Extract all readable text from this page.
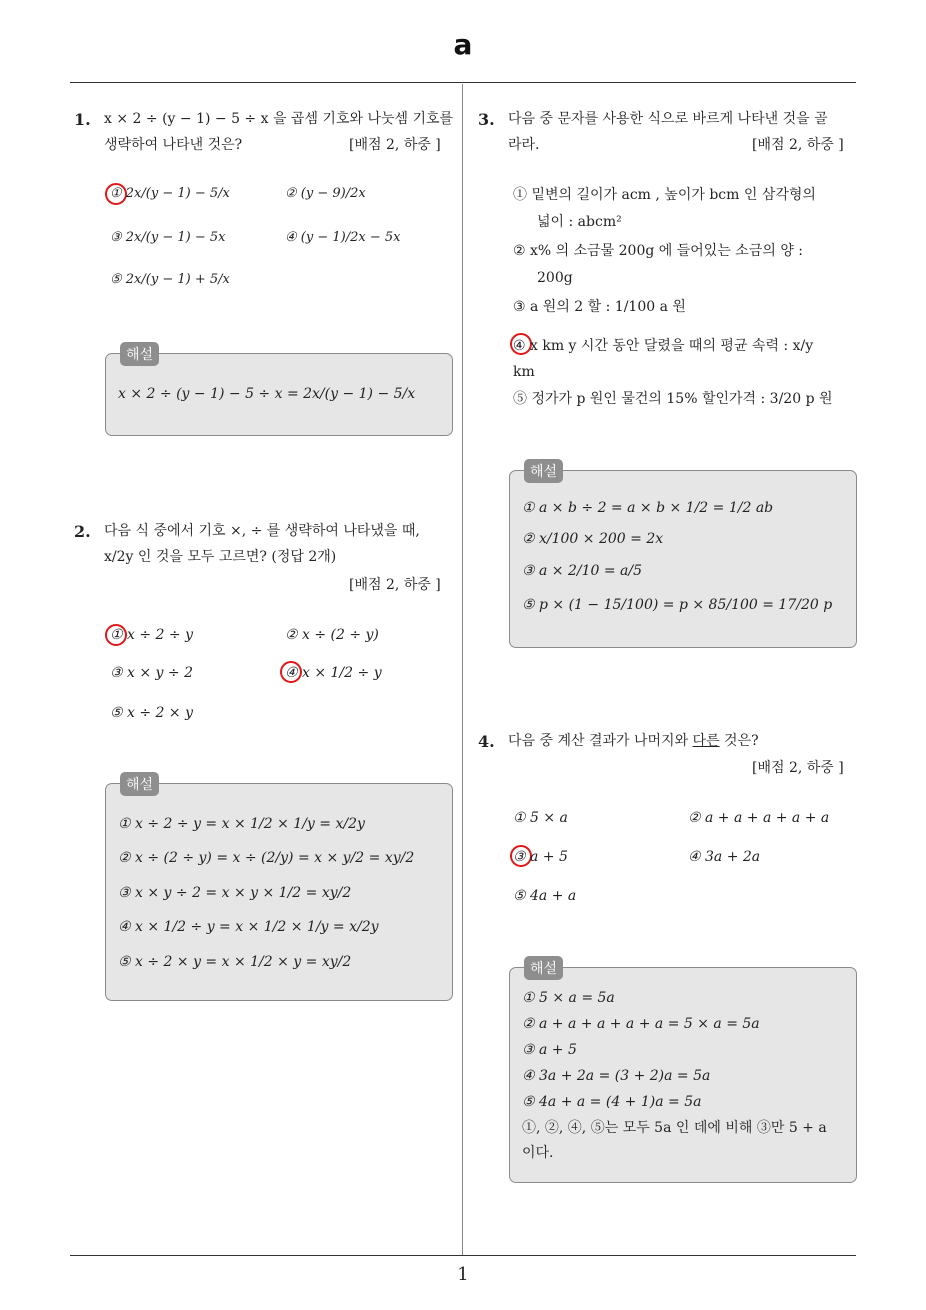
a
1
1. x × 2 ÷ (y − 1) − 5 ÷ x 을 곱셈 기호와 나눗셈 기호를
생략하여 나타낸 것은?	[배점 2, 하중 ]
① 2x/(y − 1) − 5/x	② (y − 9)/2x
③ 2x/(y − 1) − 5x	④ (y − 1)/2x − 5x
⑤ 2x/(y − 1) + 5/x
해설
x × 2 ÷ (y − 1) − 5 ÷ x = 2x/(y − 1) − 5/x
2. 다음 식 중에서 기호 ×, ÷ 를 생략하여 나타냈을 때,
x/2y 인 것을 모두 고르면? (정답 2개)
[배점 2, 하중 ]
① x ÷ 2 ÷ y	② x ÷ (2 ÷ y)
③ x × y ÷ 2	④ x × 1/2 ÷ y
⑤ x ÷ 2 × y
해설
① x ÷ 2 ÷ y = x × 1/2 × 1/y = x/2y
② x ÷ (2 ÷ y) = x ÷ (2/y) = x × y/2 = xy/2
③ x × y ÷ 2 = x × y × 1/2 = xy/2
④ x × 1/2 ÷ y = x × 1/2 × 1/y = x/2y
⑤ x ÷ 2 × y = x × 1/2 × y = xy/2
3. 다음 중 문자를 사용한 식으로 바르게 나타낸 것을 골
라라.	[배점 2, 하중 ]
① 밑변의 길이가 acm , 높이가 bcm 인 삼각형의
넓이 : abcm²
② x% 의 소금물 200g 에 들어있는 소금의 양 :
200g
③ a 원의 2 할 : 1/100 a 원
④ x km y 시간 동안 달렸을 때의 평균 속력 : x/y
km
⑤ 정가가 p 원인 물건의 15% 할인가격 : 3/20 p 원
해설
① a × b ÷ 2 = a × b × 1/2 = 1/2 ab
② x/100 × 200 = 2x
③ a × 2/10 = a/5
⑤ p × (1 − 15/100) = p × 85/100 = 17/20 p
4. 다음 중 계산 결과가 나머지와 다른 것은?
[배점 2, 하중 ]
① 5 × a	② a + a + a + a + a
③ a + 5	④ 3a + 2a
⑤ 4a + a
해설
① 5 × a = 5a
② a + a + a + a + a = 5 × a = 5a
③ a + 5
④ 3a + 2a = (3 + 2)a = 5a
⑤ 4a + a = (4 + 1)a = 5a
①, ②, ④, ⑤는 모두 5a 인 데에 비해 ③만 5 + a
이다.
